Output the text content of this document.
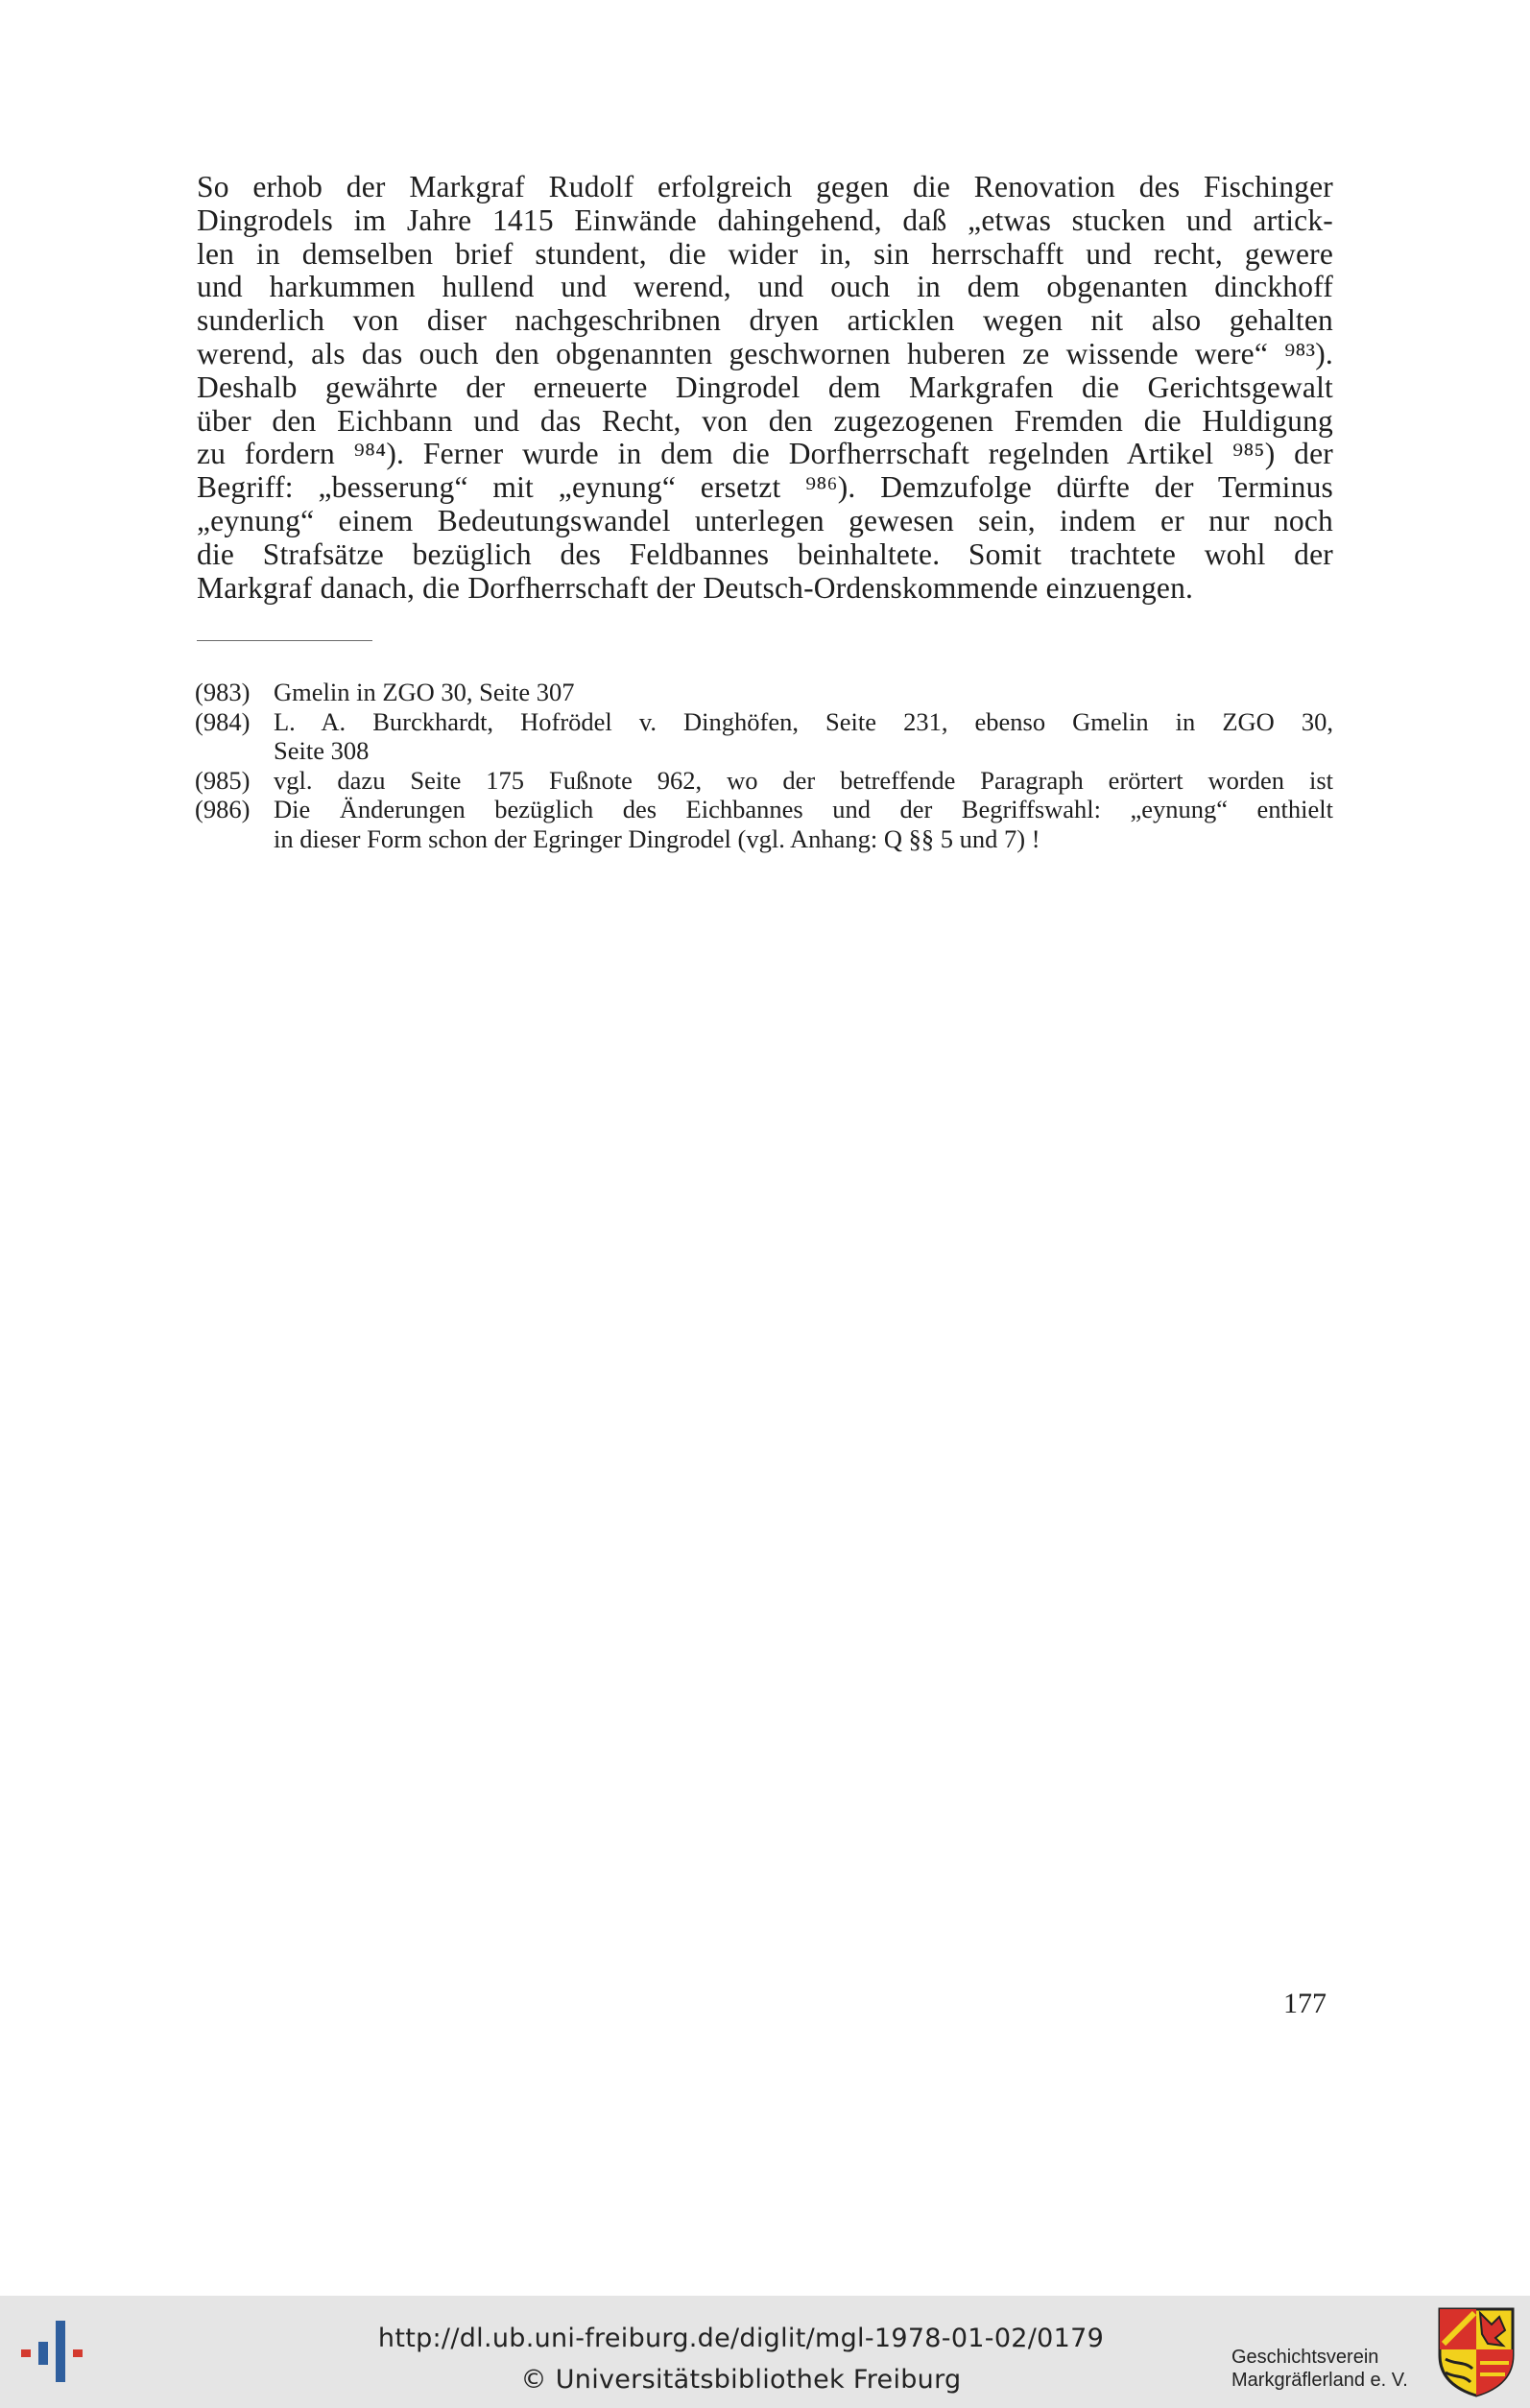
So erhob der Markgraf Rudolf erfolgreich gegen die Renovation des Fischinger
Dingrodels im Jahre 1415 Einwände dahingehend, daß „etwas stucken und artick-
len in demselben brief stundent, die wider in, sin herrschafft und recht, gewere
und harkummen hullend und werend, und ouch in dem obgenanten dinckhoff
sunderlich von diser nachgeschribnen dryen articklen wegen nit also gehalten
werend, als das ouch den obgenannten geschwornen huberen ze wissende were“ ⁹⁸³).
Deshalb gewährte der erneuerte Dingrodel dem Markgrafen die Gerichtsgewalt
über den Eichbann und das Recht, von den zugezogenen Fremden die Huldigung
zu fordern ⁹⁸⁴). Ferner wurde in dem die Dorfherrschaft regelnden Artikel ⁹⁸⁵) der
Begriff: „besserung“ mit „eynung“ ersetzt ⁹⁸⁶). Demzufolge dürfte der Terminus
„eynung“ einem Bedeutungswandel unterlegen gewesen sein, indem er nur noch
die Strafsätze bezüglich des Feldbannes beinhaltete. Somit trachtete wohl der
Markgraf danach, die Dorfherrschaft der Deutsch-Ordenskommende einzuengen.
(983) Gmelin in ZGO 30, Seite 307
(984) L. A. Burckhardt, Hofrödel v. Dinghöfen, Seite 231, ebenso Gmelin in ZGO 30,
Seite 308
(985) vgl. dazu Seite 175 Fußnote 962, wo der betreffende Paragraph erörtert worden ist
(986) Die Änderungen bezüglich des Eichbannes und der Begriffswahl: „eynung“ enthielt
in dieser Form schon der Egringer Dingrodel (vgl. Anhang: Q §§ 5 und 7) !
177
http://dl.ub.uni-freiburg.de/diglit/mgl-1978-01-02/0179
© Universitätsbibliothek Freiburg
Geschichtsverein
Markgräflerland e. V.
